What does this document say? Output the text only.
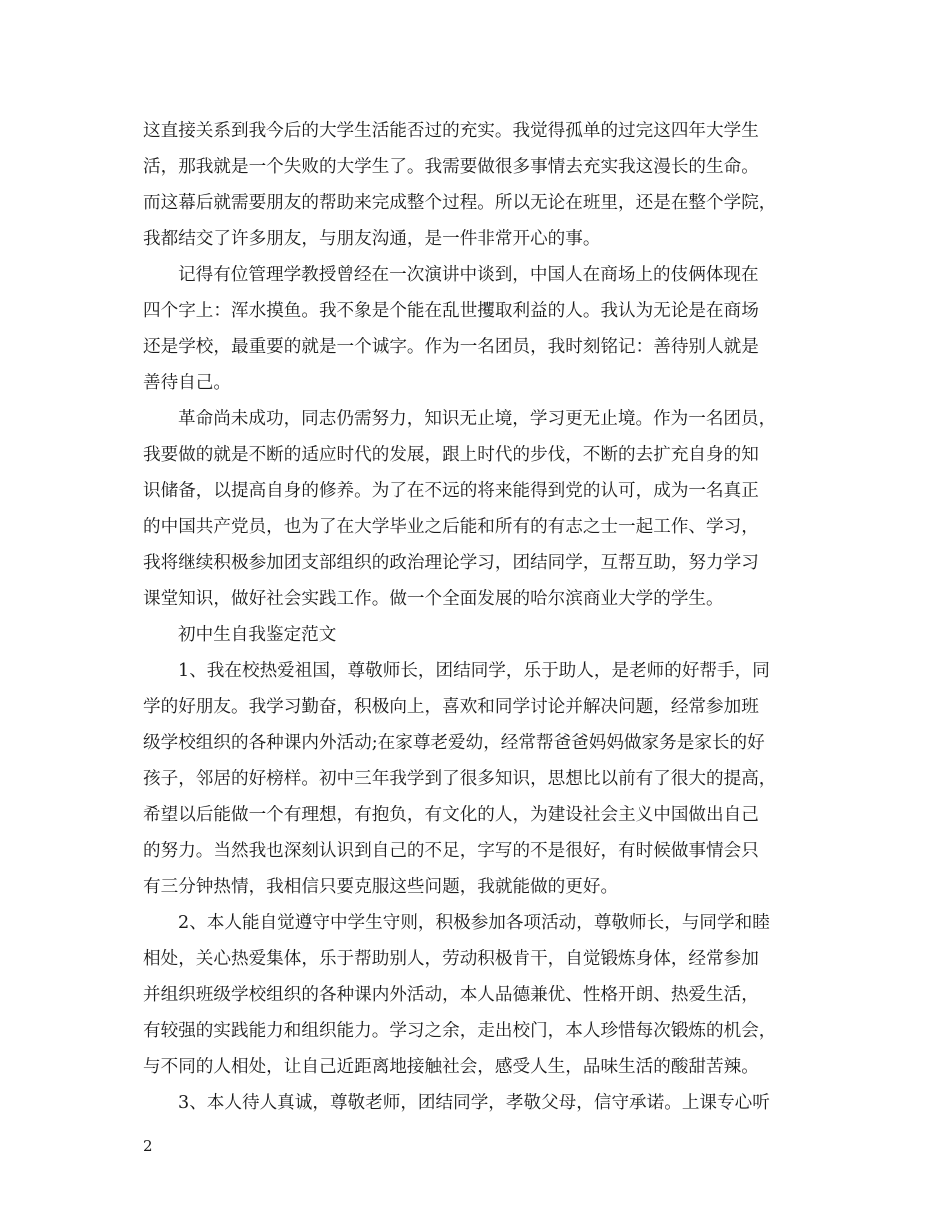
这直接关系到我今后的大学生活能否过的充实。我觉得孤单的过完这四年大学生
活，那我就是一个失败的大学生了。我需要做很多事情去充实我这漫长的生命。
而这幕后就需要朋友的帮助来完成整个过程。所以无论在班里，还是在整个学院，
我都结交了许多朋友，与朋友沟通，是一件非常开心的事。
记得有位管理学教授曾经在一次演讲中谈到，中国人在商场上的伎俩体现在
四个字上：浑水摸鱼。我不象是个能在乱世攫取利益的人。我认为无论是在商场
还是学校，最重要的就是一个诚字。作为一名团员，我时刻铭记：善待别人就是
善待自己。
革命尚未成功，同志仍需努力，知识无止境，学习更无止境。作为一名团员，
我要做的就是不断的适应时代的发展，跟上时代的步伐，不断的去扩充自身的知
识储备，以提高自身的修养。为了在不远的将来能得到党的认可，成为一名真正
的中国共产党员，也为了在大学毕业之后能和所有的有志之士一起工作、学习，
我将继续积极参加团支部组织的政治理论学习，团结同学，互帮互助，努力学习
课堂知识，做好社会实践工作。做一个全面发展的哈尔滨商业大学的学生。
初中生自我鉴定范文
1、我在校热爱祖国，尊敬师长，团结同学，乐于助人，是老师的好帮手，同
学的好朋友。我学习勤奋，积极向上，喜欢和同学讨论并解决问题，经常参加班
级学校组织的各种课内外活动;在家尊老爱幼，经常帮爸爸妈妈做家务是家长的好
孩子，邻居的好榜样。初中三年我学到了很多知识，思想比以前有了很大的提高，
希望以后能做一个有理想，有抱负，有文化的人，为建设社会主义中国做出自己
的努力。当然我也深刻认识到自己的不足，字写的不是很好，有时候做事情会只
有三分钟热情，我相信只要克服这些问题，我就能做的更好。
2、本人能自觉遵守中学生守则，积极参加各项活动，尊敬师长，与同学和睦
相处，关心热爱集体，乐于帮助别人，劳动积极肯干，自觉锻炼身体，经常参加
并组织班级学校组织的各种课内外活动，本人品德兼优、性格开朗、热爱生活，
有较强的实践能力和组织能力。学习之余，走出校门，本人珍惜每次锻炼的机会，
与不同的人相处，让自己近距离地接触社会，感受人生，品味生活的酸甜苦辣。
3、本人待人真诚，尊敬老师，团结同学，孝敬父母，信守承诺。上课专心听
2
